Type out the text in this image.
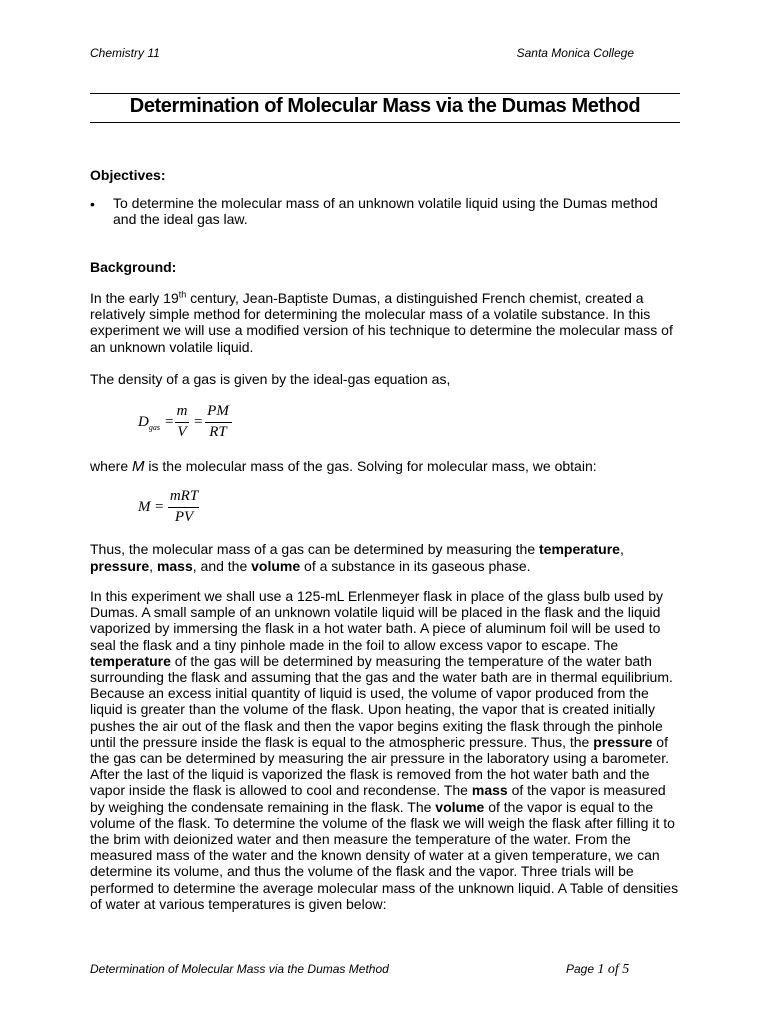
Chemistry 11	Santa Monica College
Determination of Molecular Mass via the Dumas Method
Objectives:
• To determine the molecular mass of an unknown volatile liquid using the Dumas method
and the ideal gas law.
Background:
In the early 19th century, Jean-Baptiste Dumas, a distinguished French chemist, created a
relatively simple method for determining the molecular mass of a volatile substance. In this
experiment we will use a modified version of his technique to determine the molecular mass of
an unknown volatile liquid.
The density of a gas is given by the ideal-gas equation as,
$D_{gas}$ =
m
V
=
PM
RT
where M is the molecular mass of the gas. Solving for molecular mass, we obtain:
M =
mRT
PV
Thus, the molecular mass of a gas can be determined by measuring the temperature,
pressure, mass, and the volume of a substance in its gaseous phase.
In this experiment we shall use a 125-mL Erlenmeyer flask in place of the glass bulb used by
Dumas. A small sample of an unknown volatile liquid will be placed in the flask and the liquid
vaporized by immersing the flask in a hot water bath. A piece of aluminum foil will be used to
seal the flask and a tiny pinhole made in the foil to allow excess vapor to escape. The
temperature of the gas will be determined by measuring the temperature of the water bath
surrounding the flask and assuming that the gas and the water bath are in thermal equilibrium.
Because an excess initial quantity of liquid is used, the volume of vapor produced from the
liquid is greater than the volume of the flask. Upon heating, the vapor that is created initially
pushes the air out of the flask and then the vapor begins exiting the flask through the pinhole
until the pressure inside the flask is equal to the atmospheric pressure. Thus, the pressure of
the gas can be determined by measuring the air pressure in the laboratory using a barometer.
After the last of the liquid is vaporized the flask is removed from the hot water bath and the
vapor inside the flask is allowed to cool and recondense. The mass of the vapor is measured
by weighing the condensate remaining in the flask. The volume of the vapor is equal to the
volume of the flask. To determine the volume of the flask we will weigh the flask after filling it to
the brim with deionized water and then measure the temperature of the water. From the
measured mass of the water and the known density of water at a given temperature, we can
determine its volume, and thus the volume of the flask and the vapor. Three trials will be
performed to determine the average molecular mass of the unknown liquid. A Table of densities
of water at various temperatures is given below:
Determination of Molecular Mass via the Dumas Method	Page 1 of 5
